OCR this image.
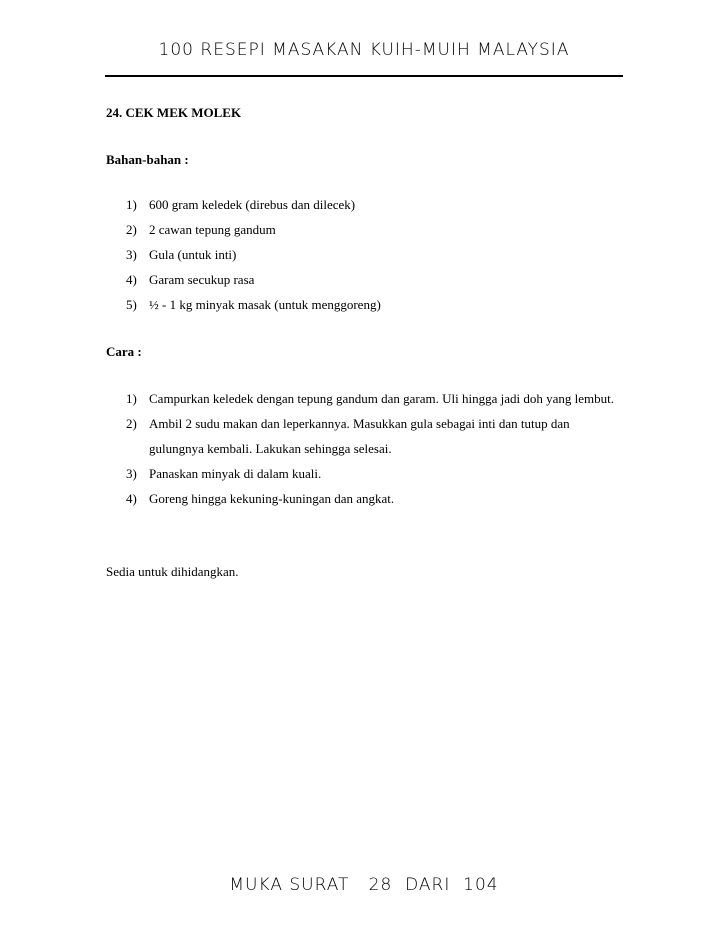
100 RESEPI MASAKAN KUIH-MUIH MALAYSIA
24. CEK MEK MOLEK
Bahan-bahan :
1) 600 gram keledek (direbus dan dilecek)
2) 2 cawan tepung gandum
3) Gula (untuk inti)
4) Garam secukup rasa
5) ½ - 1 kg minyak masak (untuk menggoreng)
Cara :
1) Campurkan keledek dengan tepung gandum dan garam. Uli hingga jadi doh yang lembut.
2) Ambil 2 sudu makan dan leperkannya. Masukkan gula sebagai inti dan tutup dan gulungnya kembali. Lakukan sehingga selesai.
3) Panaskan minyak di dalam kuali.
4) Goreng hingga kekuning-kuningan dan angkat.
Sedia untuk dihidangkan.
MUKA SURAT   28  DARI  104
